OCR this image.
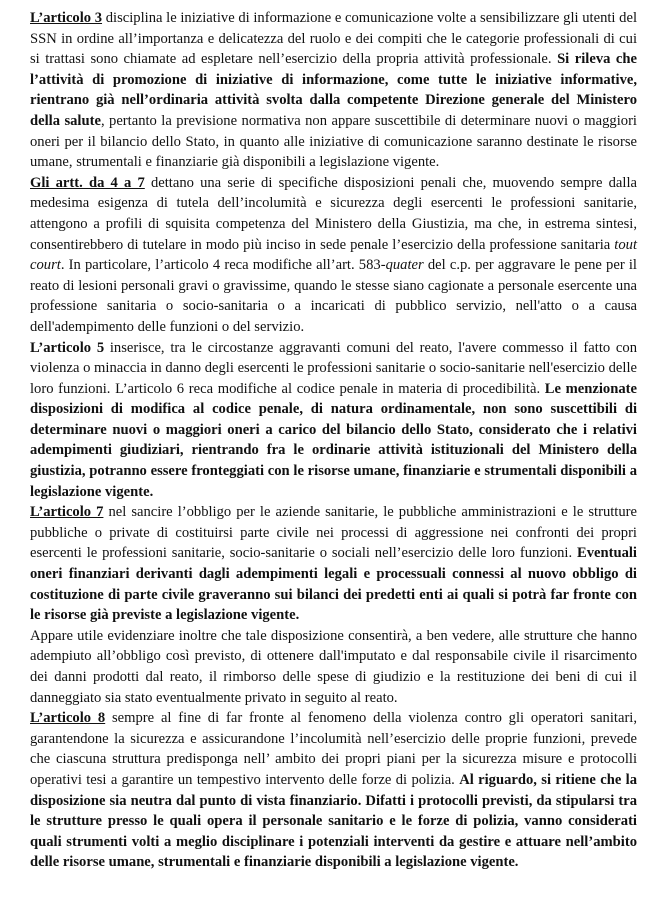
L’articolo 3 disciplina le iniziative di informazione e comunicazione volte a sensibilizzare gli utenti del SSN in ordine all’importanza e delicatezza del ruolo e dei compiti che le categorie professionali di cui si trattasi sono chiamate ad espletare nell’esercizio della propria attività professionale. Si rileva che l’attività di promozione di iniziative di informazione, come tutte le iniziative informative, rientrano già nell’ordinaria attività svolta dalla competente Direzione generale del Ministero della salute, pertanto la previsione normativa non appare suscettibile di determinare nuovi o maggiori oneri per il bilancio dello Stato, in quanto alle iniziative di comunicazione saranno destinate le risorse umane, strumentali e finanziarie già disponibili a legislazione vigente.

Gli artt. da 4 a 7 dettano una serie di specifiche disposizioni penali che, muovendo sempre dalla medesima esigenza di tutela dell’incolumità e sicurezza degli esercenti le professioni sanitarie, attengono a profili di squisita competenza del Ministero della Giustizia, ma che, in estrema sintesi, consentirebbero di tutelare in modo più inciso in sede penale l’esercizio della professione sanitaria tout court. In particolare, l’articolo 4 reca modifiche all’art. 583-quater del c.p. per aggravare le pene per il reato di lesioni personali gravi o gravissime, quando le stesse siano cagionate a personale esercente una professione sanitaria o socio-sanitaria o a incaricati di pubblico servizio, nell'atto o a causa dell'adempimento delle funzioni o del servizio.

L’articolo 5 inserisce, tra le circostanze aggravanti comuni del reato, l'avere commesso il fatto con violenza o minaccia in danno degli esercenti le professioni sanitarie o socio-sanitarie nell'esercizio delle loro funzioni. L’articolo 6 reca modifiche al codice penale in materia di procedibilità. Le menzionate disposizioni di modifica al codice penale, di natura ordinamentale, non sono suscettibili di determinare nuovi o maggiori oneri a carico del bilancio dello Stato, considerato che i relativi adempimenti giudiziari, rientrando fra le ordinarie attività istituzionali del Ministero della giustizia, potranno essere fronteggiati con le risorse umane, finanziarie e strumentali disponibili a legislazione vigente.

L’articolo 7 nel sancire l’obbligo per le aziende sanitarie, le pubbliche amministrazioni e le strutture pubbliche o private di costituirsi parte civile nei processi di aggressione nei confronti dei propri esercenti le professioni sanitarie, socio-sanitarie o sociali nell’esercizio delle loro funzioni. Eventuali oneri finanziari derivanti dagli adempimenti legali e processuali connessi al nuovo obbligo di costituzione di parte civile graveranno sui bilanci dei predetti enti ai quali si potrà far fronte con le risorse già previste a legislazione vigente.

Appare utile evidenziare inoltre che tale disposizione consentirà, a ben vedere, alle strutture che hanno adempiuto all’obbligo così previsto, di ottenere dall'imputato e dal responsabile civile il risarcimento dei danni prodotti dal reato, il rimborso delle spese di giudizio e la restituzione dei beni di cui il danneggiato sia stato eventualmente privato in seguito al reato.

L’articolo 8 sempre al fine di far fronte al fenomeno della violenza contro gli operatori sanitari, garantendone la sicurezza e assicurandone l’incolumità nell’esercizio delle proprie funzioni, prevede che ciascuna struttura predisponga nell’ ambito dei propri piani per la sicurezza misure e protocolli operativi tesi a garantire un tempestivo intervento delle forze di polizia. Al riguardo, si ritiene che la disposizione sia neutra dal punto di vista finanziario. Difatti i protocolli previsti, da stipularsi tra le strutture presso le quali opera il personale sanitario e le forze di polizia, vanno considerati quali strumenti volti a meglio disciplinare i potenziali interventi da gestire e attuare nell’ambito delle risorse umane, strumentali e finanziarie disponibili a legislazione vigente.
